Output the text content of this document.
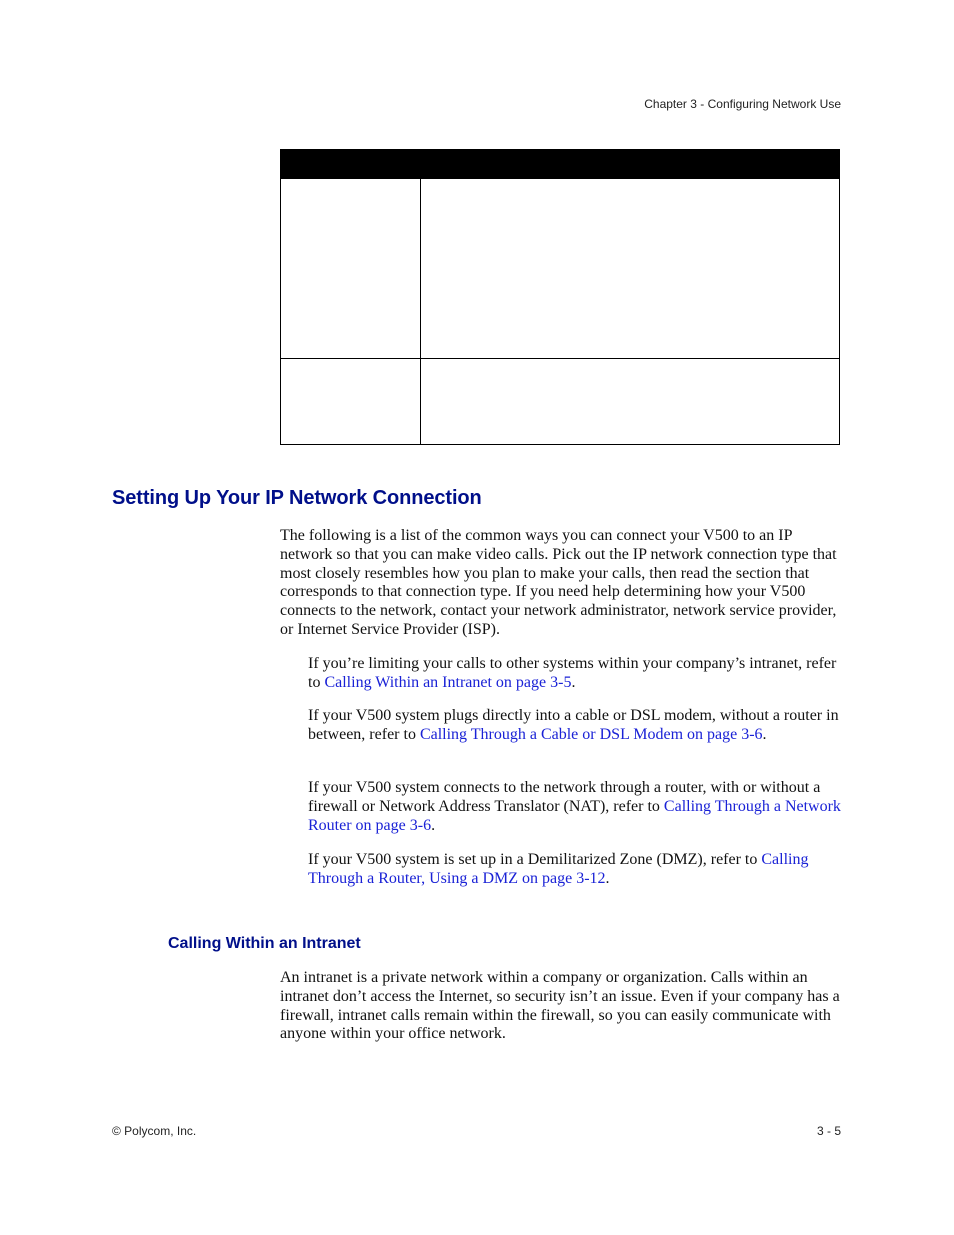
Chapter 3 - Configuring Network Use
Setting Up Your IP Network Connection

The following is a list of the common ways you can connect your V500 to an IP network so that you can make video calls. Pick out the IP network connection type that most closely resembles how you plan to make your calls, then read the section that corresponds to that connection type. If you need help determining how your V500 connects to the network, contact your network administrator, network service provider, or Internet Service Provider (ISP).

If you’re limiting your calls to other systems within your company’s intranet, refer to Calling Within an Intranet on page 3-5.

If your V500 system plugs directly into a cable or DSL modem, without a router in between, refer to Calling Through a Cable or DSL Modem on page 3-6.

If your V500 system connects to the network through a router, with or without a firewall or Network Address Translator (NAT), refer to Calling Through a Network Router on page 3-6.

If your V500 system is set up in a Demilitarized Zone (DMZ), refer to Calling Through a Router, Using a DMZ on page 3-12.

Calling Within an Intranet

An intranet is a private network within a company or organization. Calls within an intranet don’t access the Internet, so security isn’t an issue. Even if your company has a firewall, intranet calls remain within the firewall, so you can easily communicate with anyone within your office network.

© Polycom, Inc.	3 - 5
